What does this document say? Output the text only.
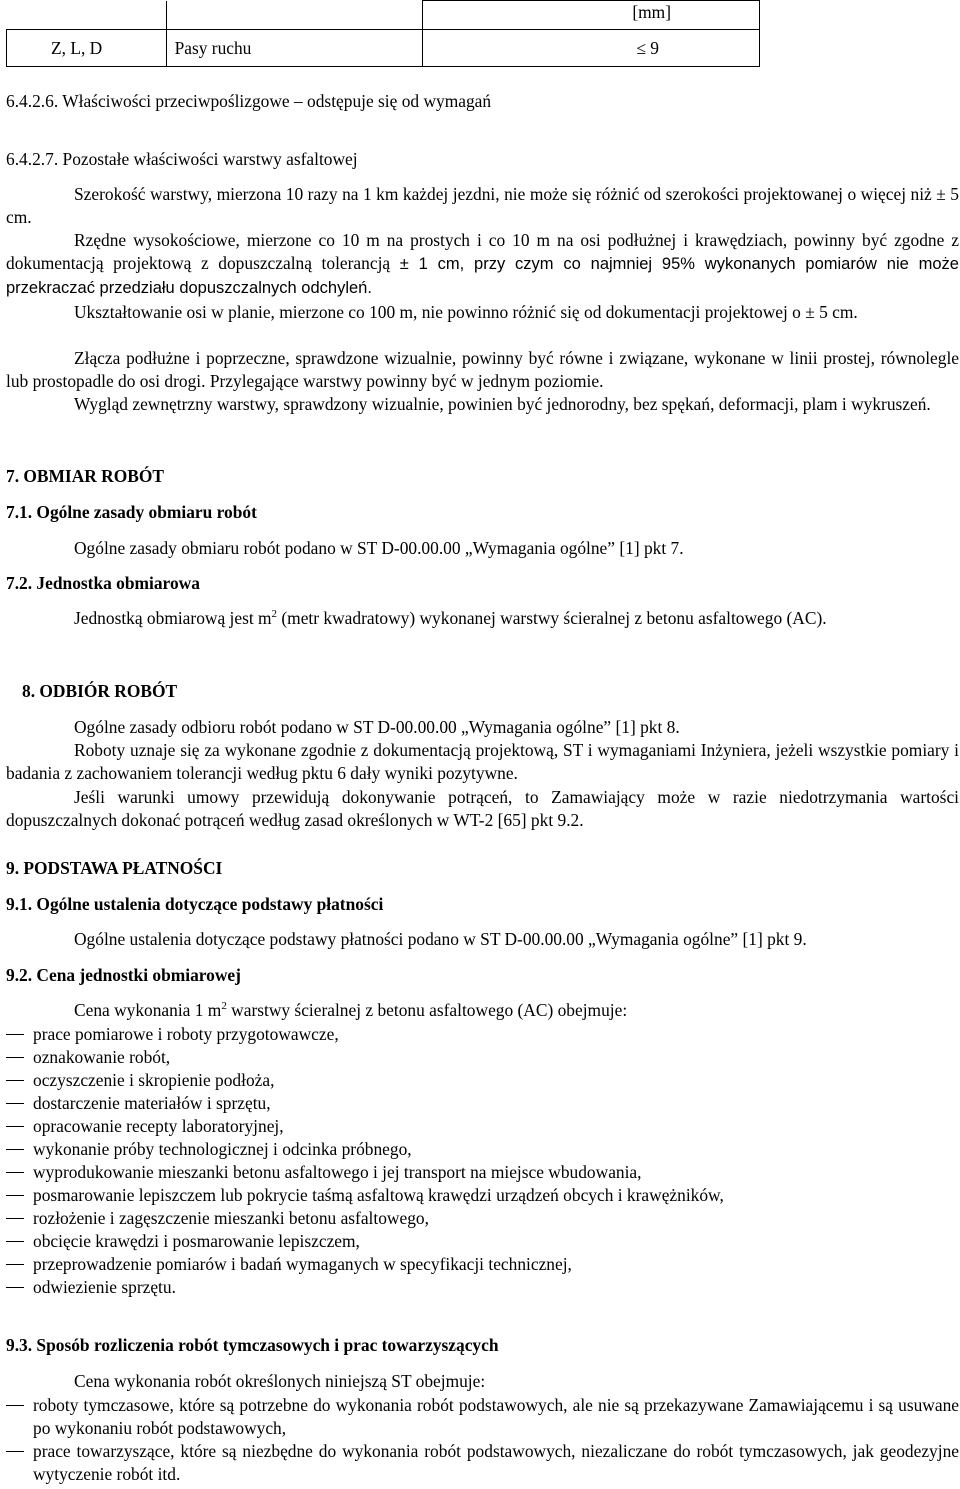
		[mm]
Z, L, D	Pasy ruchu	≤ 9

6.4.2.6. Właściwości przeciwpoślizgowe – odstępuje się od wymagań

6.4.2.7. Pozostałe właściwości warstwy asfaltowej

Szerokość warstwy, mierzona 10 razy na 1 km każdej jezdni, nie może się różnić od szerokości projektowanej o więcej niż ± 5 cm.

Rzędne wysokościowe, mierzone co 10 m na prostych i co 10 m na osi podłużnej i krawędziach, powinny być zgodne z dokumentacją projektową z dopuszczalną tolerancją ± 1 cm, przy czym co najmniej 95% wykonanych pomiarów nie może przekraczać przedziału dopuszczalnych odchyleń.

Ukształtowanie osi w planie, mierzone co 100 m, nie powinno różnić się od dokumentacji projektowej o ± 5 cm.

Złącza podłużne i poprzeczne, sprawdzone wizualnie, powinny być równe i związane, wykonane w linii prostej, równolegle lub prostopadle do osi drogi. Przylegające warstwy powinny być w jednym poziomie.

Wygląd zewnętrzny warstwy, sprawdzony wizualnie, powinien być jednorodny, bez spękań, deformacji, plam i wykruszeń.

7. OBMIAR ROBÓT

7.1. Ogólne zasady obmiaru robót

Ogólne zasady obmiaru robót podano w ST D-00.00.00 „Wymagania ogólne” [1] pkt 7.

7.2. Jednostka obmiarowa

Jednostką obmiarową jest $m^2$ (metr kwadratowy) wykonanej warstwy ścieralnej z betonu asfaltowego (AC).

8. ODBIÓR ROBÓT

Ogólne zasady odbioru robót podano w ST D-00.00.00 „Wymagania ogólne” [1] pkt 8.

Roboty uznaje się za wykonane zgodnie z dokumentacją projektową, ST i wymaganiami Inżyniera, jeżeli wszystkie pomiary i badania z zachowaniem tolerancji według pktu 6 dały wyniki pozytywne.

Jeśli warunki umowy przewidują dokonywanie potrąceń, to Zamawiający może w razie niedotrzymania wartości dopuszczalnych dokonać potrąceń według zasad określonych w WT-2 [65] pkt 9.2.

9. PODSTAWA PŁATNOŚCI

9.1. Ogólne ustalenia dotyczące podstawy płatności

Ogólne ustalenia dotyczące podstawy płatności podano w ST D-00.00.00 „Wymagania ogólne” [1] pkt 9.

9.2. Cena jednostki obmiarowej

Cena wykonania 1 $m^2$ warstwy ścieralnej z betonu asfaltowego (AC) obejmuje:

prace pomiarowe i roboty przygotowawcze,
oznakowanie robót,
oczyszczenie i skropienie podłoża,
dostarczenie materiałów i sprzętu,
opracowanie recepty laboratoryjnej,
wykonanie próby technologicznej i odcinka próbnego,
wyprodukowanie mieszanki betonu asfaltowego i jej transport na miejsce wbudowania,
posmarowanie lepiszczem lub pokrycie taśmą asfaltową krawędzi urządzeń obcych i krawężników,
rozłożenie i zagęszczenie mieszanki betonu asfaltowego,
obcięcie krawędzi i posmarowanie lepiszczem,
przeprowadzenie pomiarów i badań wymaganych w specyfikacji technicznej,
odwiezienie sprzętu.

9.3. Sposób rozliczenia robót tymczasowych i prac towarzyszących

Cena wykonania robót określonych niniejszą ST obejmuje:

roboty tymczasowe, które są potrzebne do wykonania robót podstawowych, ale nie są przekazywane Zamawiającemu i są usuwane po wykonaniu robót podstawowych,
prace towarzyszące, które są niezbędne do wykonania robót podstawowych, niezaliczane do robót tymczasowych, jak geodezyjne wytyczenie robót itd.
